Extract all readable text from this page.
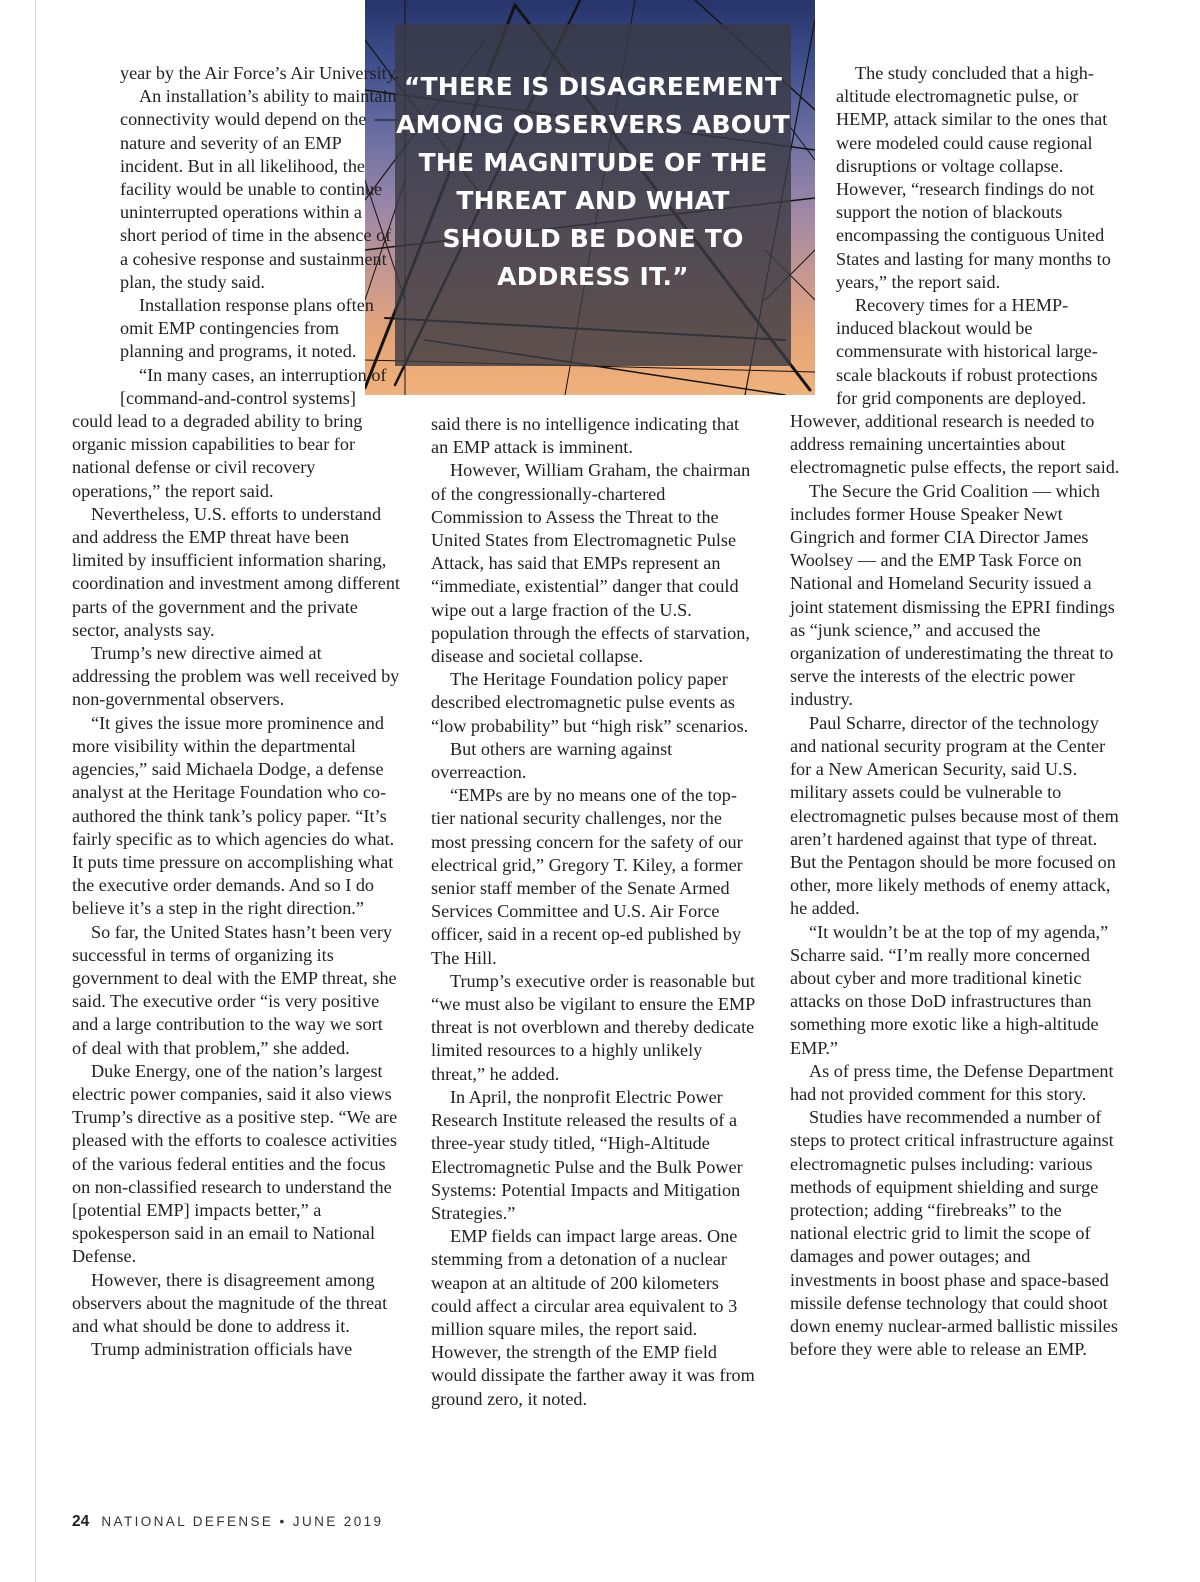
“THERE IS DISAGREEMENT AMONG OBSERVERS ABOUT THE MAGNITUDE OF THE THREAT AND WHAT SHOULD BE DONE TO ADDRESS IT.”

year by the Air Force’s Air University.

An installation’s ability to maintain connectivity would depend on the nature and severity of an EMP incident. But in all likelihood, the facility would be unable to continue uninterrupted operations within a short period of time in the absence of a cohesive response and sustainment plan, the study said.

Installation response plans often omit EMP contingencies from planning and programs, it noted.

“In many cases, an interruption of [command-and-control systems] could lead to a degraded ability to bring organic mission capabilities to bear for national defense or civil recovery operations,” the report said.

Nevertheless, U.S. efforts to understand and address the EMP threat have been limited by insufficient information sharing, coordination and investment among different parts of the government and the private sector, analysts say.

Trump’s new directive aimed at addressing the problem was well received by non-governmental observers.

“It gives the issue more prominence and more visibility within the departmental agencies,” said Michaela Dodge, a defense analyst at the Heritage Foundation who co-authored the think tank’s policy paper. “It’s fairly specific as to which agencies do what. It puts time pressure on accomplishing what the executive order demands. And so I do believe it’s a step in the right direction.”

So far, the United States hasn’t been very successful in terms of organizing its government to deal with the EMP threat, she said. The executive order “is very positive and a large contribution to the way we sort of deal with that problem,” she added.

Duke Energy, one of the nation’s largest electric power companies, said it also views Trump’s directive as a positive step. “We are pleased with the efforts to coalesce activities of the various federal entities and the focus on non-classified research to understand the [potential EMP] impacts better,” a spokesperson said in an email to National Defense.

However, there is disagreement among observers about the magnitude of the threat and what should be done to address it.

Trump administration officials have

said there is no intelligence indicating that an EMP attack is imminent.

However, William Graham, the chairman of the congressionally-chartered Commission to Assess the Threat to the United States from Electromagnetic Pulse Attack, has said that EMPs represent an “immediate, existential” danger that could wipe out a large fraction of the U.S. population through the effects of starvation, disease and societal collapse.

The Heritage Foundation policy paper described electromagnetic pulse events as “low probability” but “high risk” scenarios.

But others are warning against overreaction.

“EMPs are by no means one of the top-tier national security challenges, nor the most pressing concern for the safety of our electrical grid,” Gregory T. Kiley, a former senior staff member of the Senate Armed Services Committee and U.S. Air Force officer, said in a recent op-ed published by The Hill.

Trump’s executive order is reasonable but “we must also be vigilant to ensure the EMP threat is not overblown and thereby dedicate limited resources to a highly unlikely threat,” he added.

In April, the nonprofit Electric Power Research Institute released the results of a three-year study titled, “High-Altitude Electromagnetic Pulse and the Bulk Power Systems: Potential Impacts and Mitigation Strategies.”

EMP fields can impact large areas. One stemming from a detonation of a nuclear weapon at an altitude of 200 kilometers could affect a circular area equivalent to 3 million square miles, the report said. However, the strength of the EMP field would dissipate the farther away it was from ground zero, it noted.

The study concluded that a high-altitude electromagnetic pulse, or HEMP, attack similar to the ones that were modeled could cause regional disruptions or voltage collapse. However, “research findings do not support the notion of blackouts encompassing the contiguous United States and lasting for many months to years,” the report said.

Recovery times for a HEMP-induced blackout would be commensurate with historical large-scale blackouts if robust protections for grid components are deployed. However, additional research is needed to address remaining uncertainties about electromagnetic pulse effects, the report said.

The Secure the Grid Coalition — which includes former House Speaker Newt Gingrich and former CIA Director James Woolsey — and the EMP Task Force on National and Homeland Security issued a joint statement dismissing the EPRI findings as “junk science,” and accused the organization of underestimating the threat to serve the interests of the electric power industry.

Paul Scharre, director of the technology and national security program at the Center for a New American Security, said U.S. military assets could be vulnerable to electromagnetic pulses because most of them aren’t hardened against that type of threat. But the Pentagon should be more focused on other, more likely methods of enemy attack, he added.

“It wouldn’t be at the top of my agenda,” Scharre said. “I’m really more concerned about cyber and more traditional kinetic attacks on those DoD infrastructures than something more exotic like a high-altitude EMP.”

As of press time, the Defense Department had not provided comment for this story.

Studies have recommended a number of steps to protect critical infrastructure against electromagnetic pulses including: various methods of equipment shielding and surge protection; adding “firebreaks” to the national electric grid to limit the scope of damages and power outages; and investments in boost phase and space-based missile defense technology that could shoot down enemy nuclear-armed ballistic missiles before they were able to release an EMP.

24 NATIONAL DEFENSE • JUNE 2019
